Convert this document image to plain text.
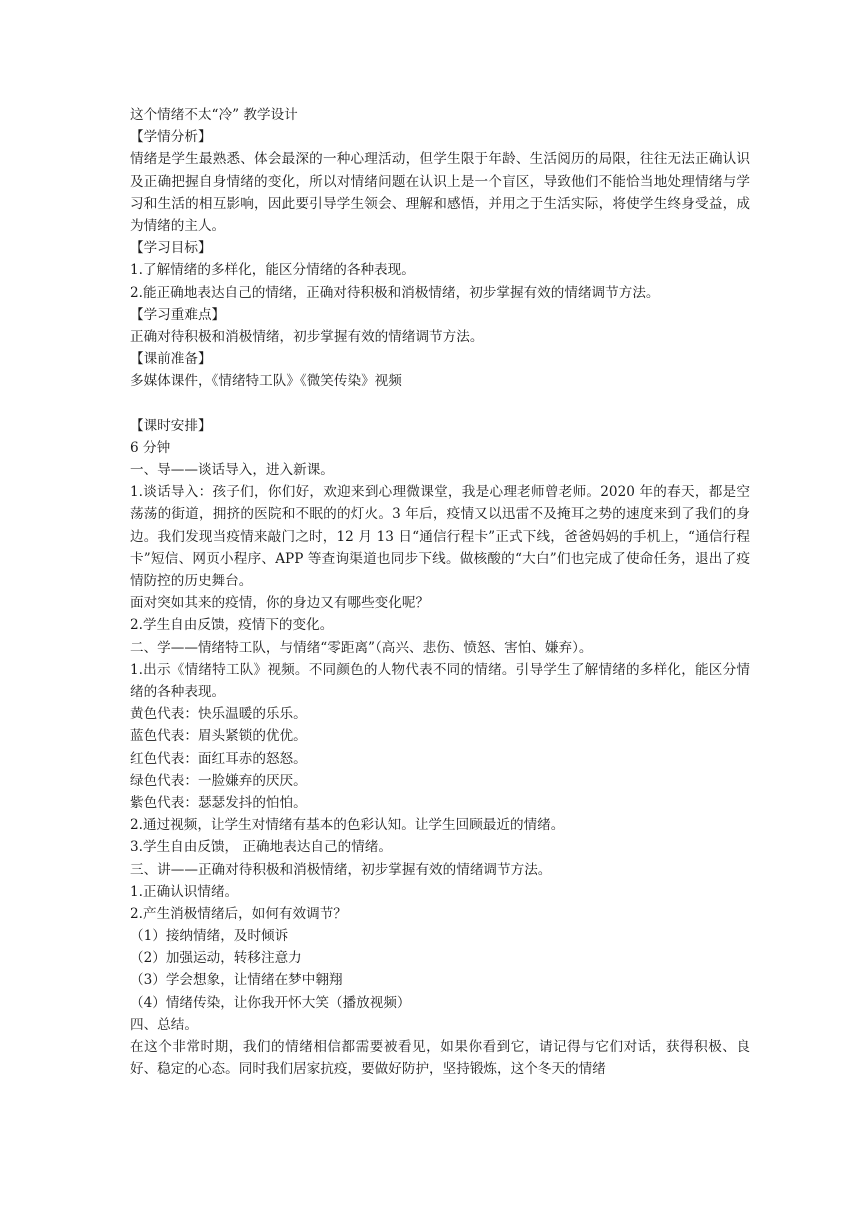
这个情绪不太“冷” 教学设计
【学情分析】
情绪是学生最熟悉、体会最深的一种心理活动，但学生限于年龄、生活阅历的局限，往往无法正确认识及正确把握自身情绪的变化，所以对情绪问题在认识上是一个盲区，导致他们不能恰当地处理情绪与学习和生活的相互影响，因此要引导学生领会、理解和感悟，并用之于生活实际，将使学生终身受益，成为情绪的主人。
【学习目标】
1.了解情绪的多样化，能区分情绪的各种表现。
2.能正确地表达自己的情绪，正确对待积极和消极情绪，初步掌握有效的情绪调节方法。
【学习重难点】
正确对待积极和消极情绪，初步掌握有效的情绪调节方法。
【课前准备】
多媒体课件，《情绪特工队》《微笑传染》视频
【课时安排】
6 分钟
一、导——谈话导入，进入新课。
1.谈话导入：孩子们，你们好，欢迎来到心理微课堂，我是心理老师曾老师。2020 年的春天，都是空荡荡的街道，拥挤的医院和不眠的的灯火。3 年后，疫情又以迅雷不及掩耳之势的速度来到了我们的身边。我们发现当疫情来敲门之时，12 月 13 日“通信行程卡”正式下线，爸爸妈妈的手机上，“通信行程卡”短信、网页小程序、APP 等查询渠道也同步下线。做核酸的“大白”们也完成了使命任务，退出了疫情防控的历史舞台。
面对突如其来的疫情，你的身边又有哪些变化呢？
2.学生自由反馈，疫情下的变化。
二、学——情绪特工队，与情绪“零距离”（高兴、悲伤、愤怒、害怕、嫌弃）。
1.出示《情绪特工队》视频。不同颜色的人物代表不同的情绪。引导学生了解情绪的多样化，能区分情绪的各种表现。
黄色代表：快乐温暖的乐乐。
蓝色代表：眉头紧锁的优优。
红色代表：面红耳赤的怒怒。
绿色代表：一脸嫌弃的厌厌。
紫色代表：瑟瑟发抖的怕怕。
2.通过视频，让学生对情绪有基本的色彩认知。让学生回顾最近的情绪。
3.学生自由反馈， 正确地表达自己的情绪。
三、讲——正确对待积极和消极情绪，初步掌握有效的情绪调节方法。
1.正确认识情绪。
2.产生消极情绪后，如何有效调节？
（1）接纳情绪，及时倾诉
（2）加强运动，转移注意力
（3）学会想象，让情绪在梦中翱翔
（4）情绪传染，让你我开怀大笑（播放视频）
四、总结。
在这个非常时期，我们的情绪相信都需要被看见，如果你看到它，请记得与它们对话，获得积极、良好、稳定的心态。同时我们居家抗疫，要做好防护，坚持锻炼，这个冬天的情绪
